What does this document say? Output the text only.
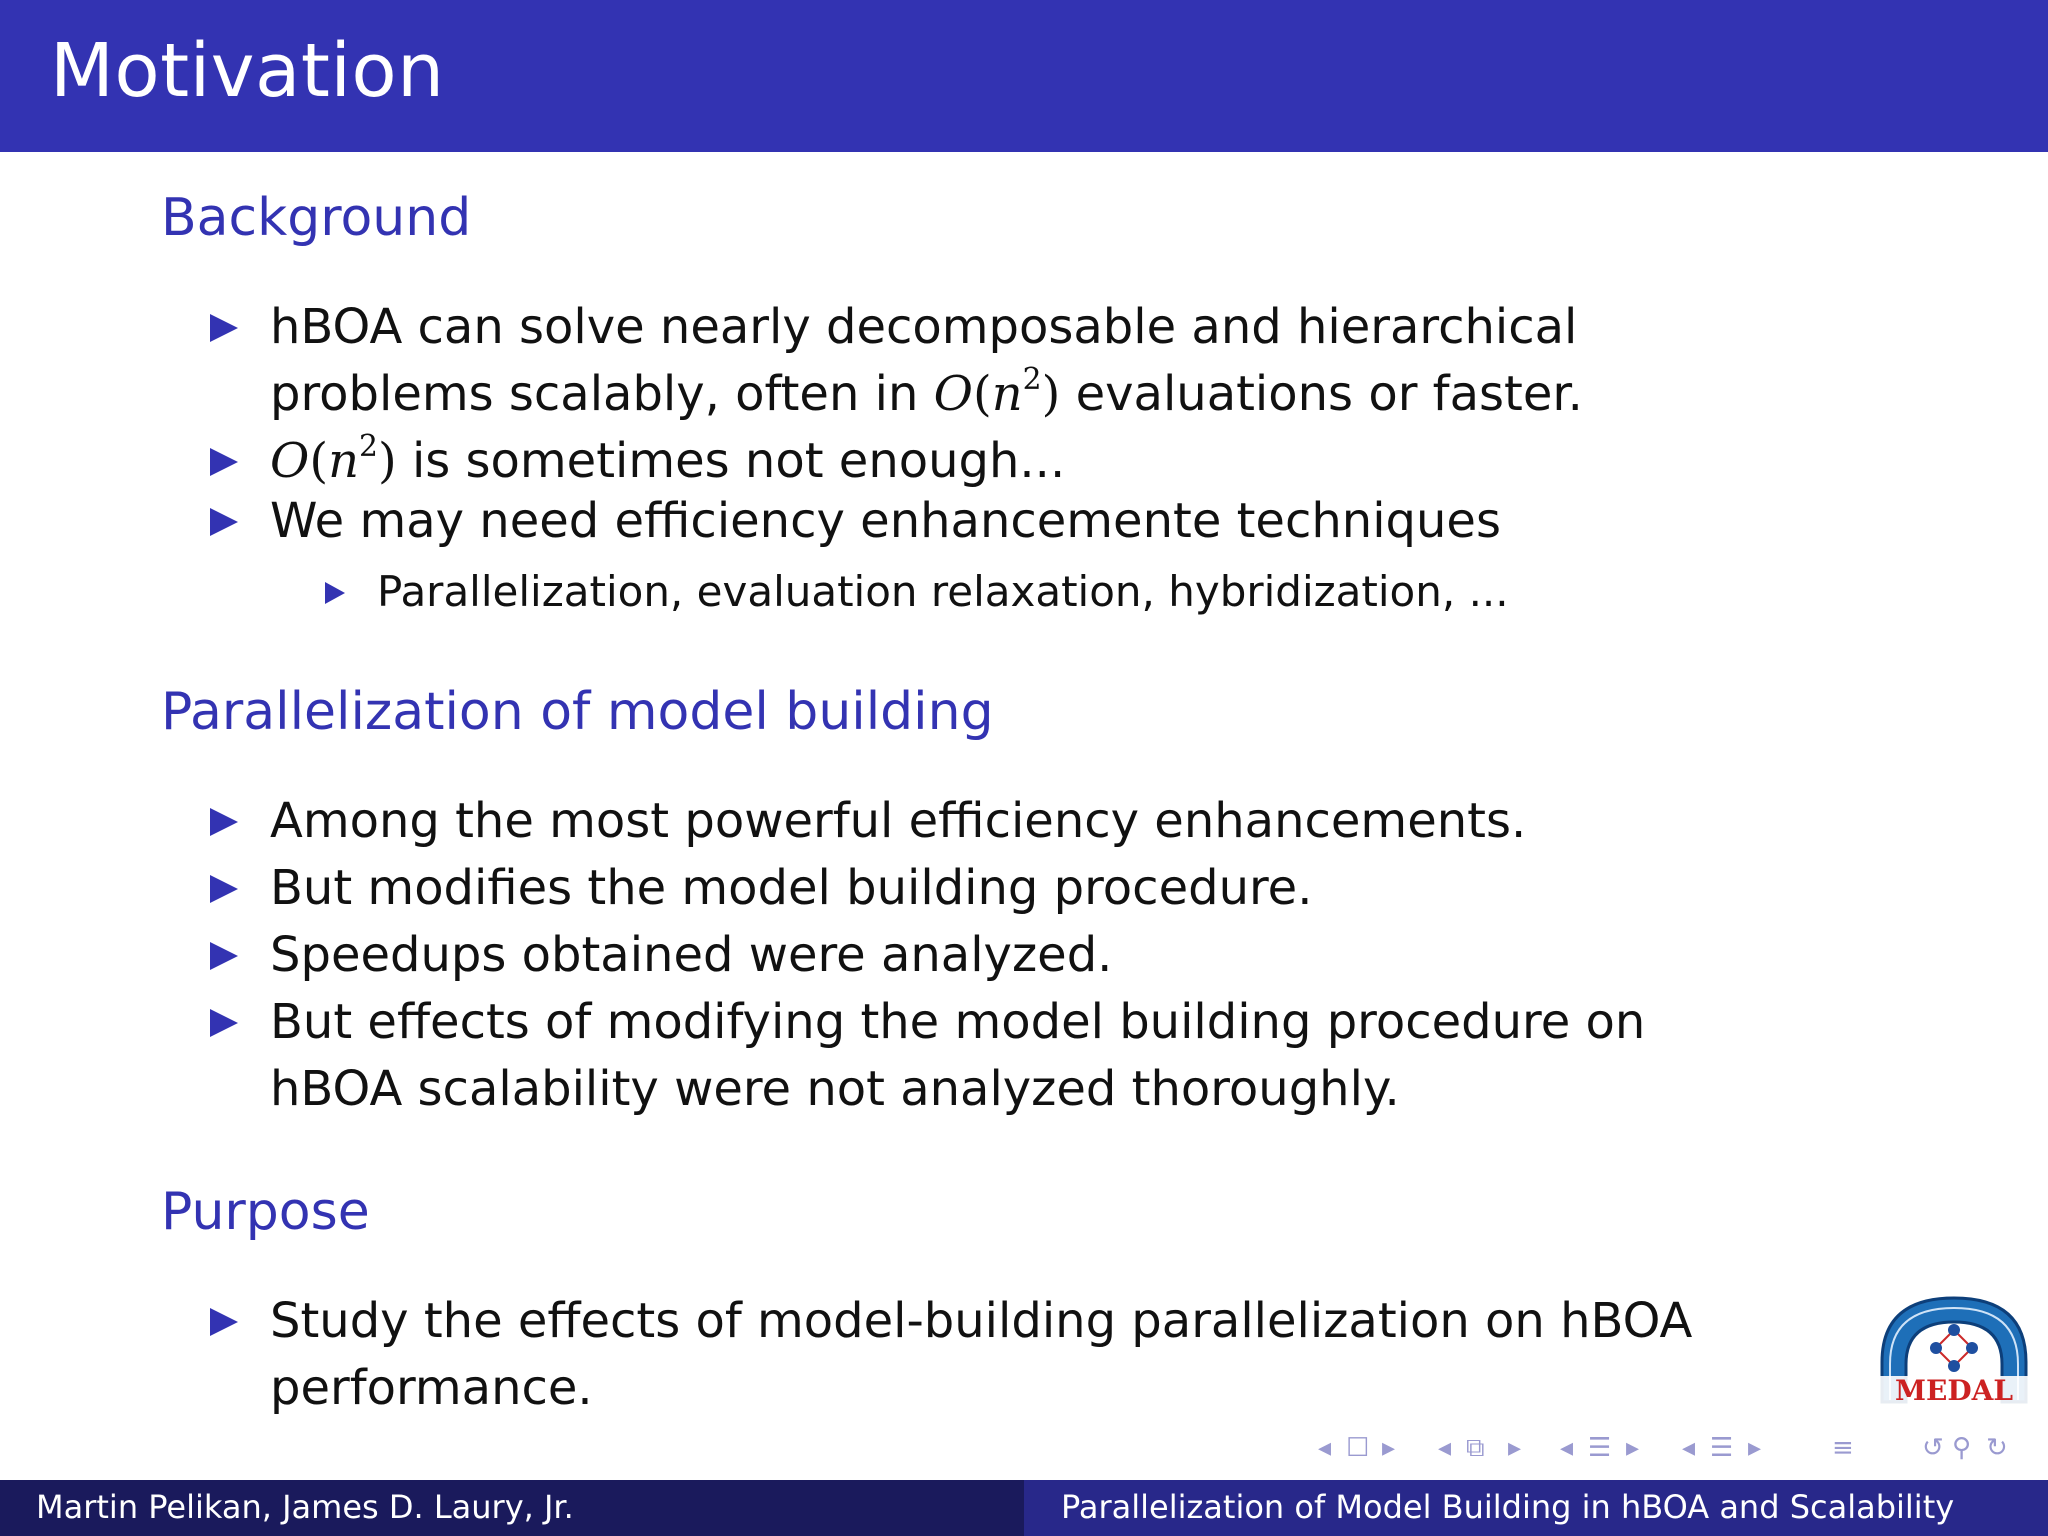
Motivation
Background
hBOA can solve nearly decomposable and hierarchical
problems scalably, often in $O(n^2)$ evaluations or faster.
$O(n^2)$ is sometimes not enough...
We may need efficiency enhancemente techniques
Parallelization, evaluation relaxation, hybridization, ...
Parallelization of model building
Among the most powerful efficiency enhancements.
But modifies the model building procedure.
Speedups obtained were analyzed.
But effects of modifying the model building procedure on
hBOA scalability were not analyzed thoroughly.
Purpose
Study the effects of model-building parallelization on hBOA
performance.	MEDAL
◂ ☐ ▸ ◂ ⧉ ▸ ◂ ☰ ▸ ◂ ☰ ▸	≡	↺ ⚲ ↻
Martin Pelikan, James D. Laury, Jr.	Parallelization of Model Building in hBOA and Scalability
